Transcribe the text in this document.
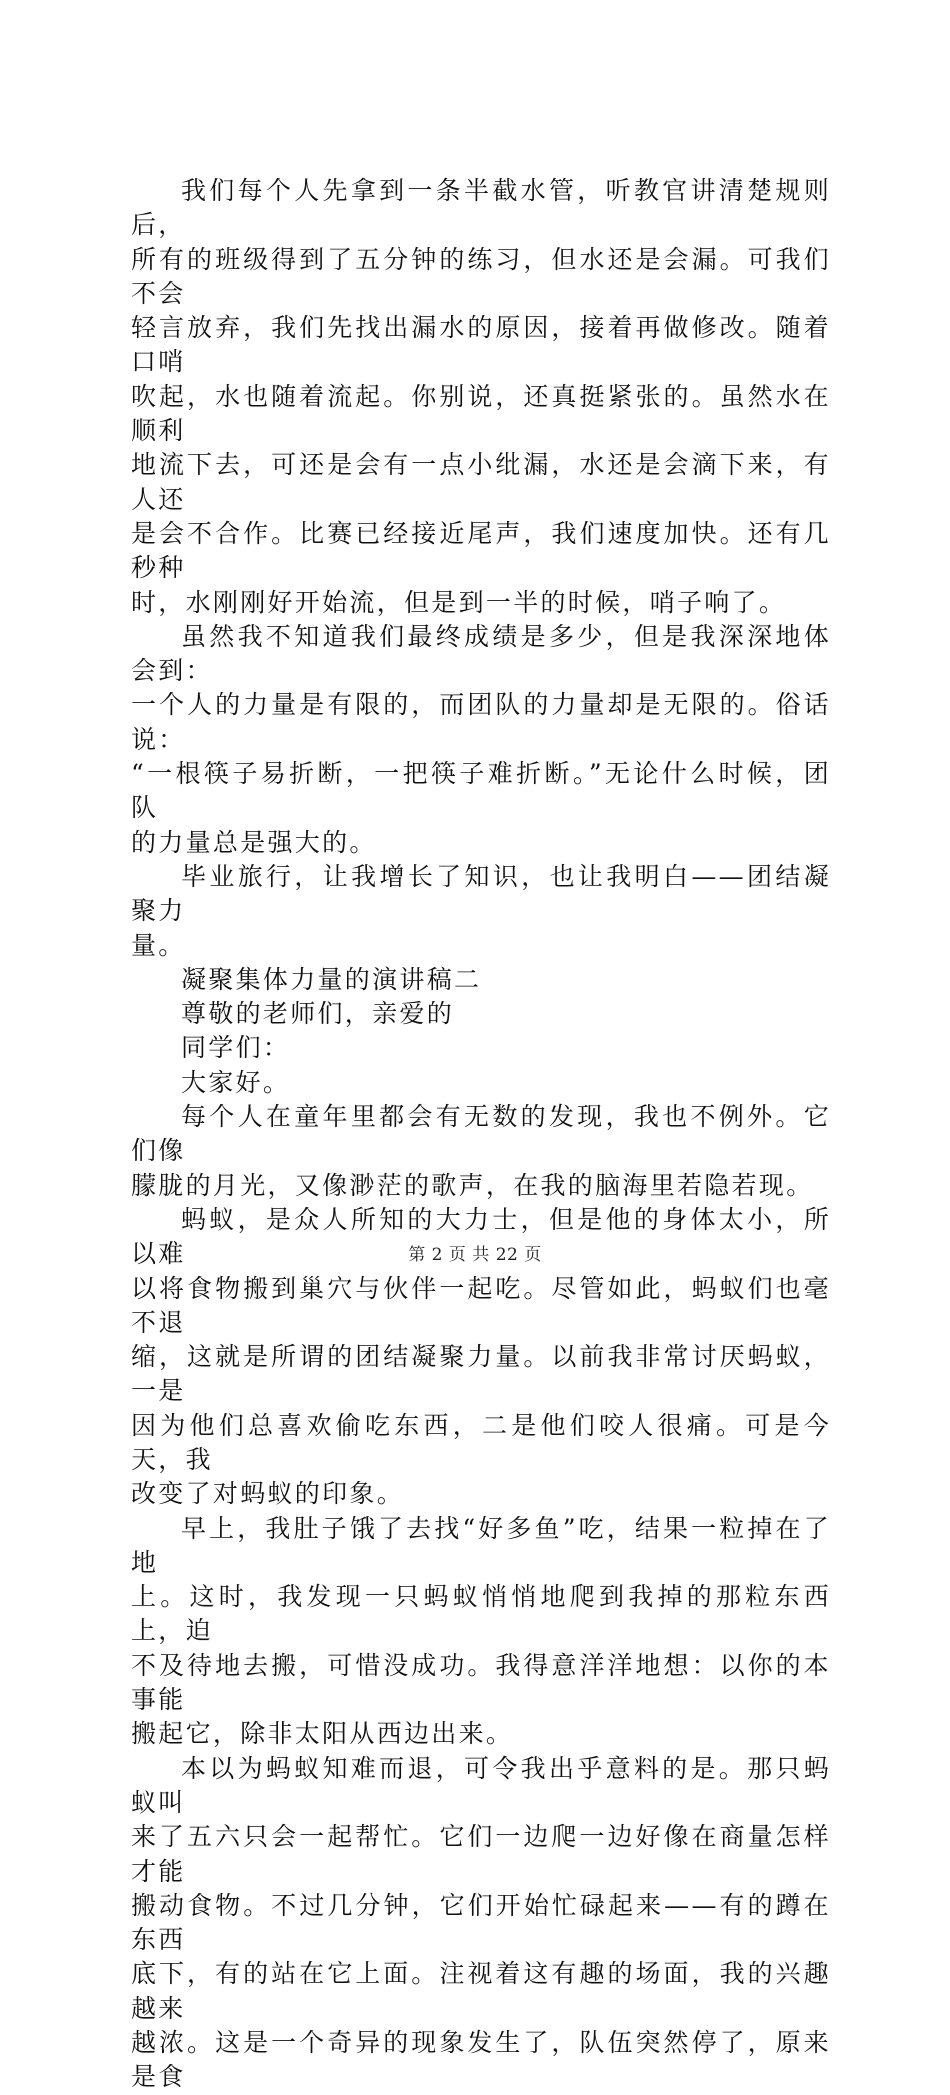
我们每个人先拿到一条半截水管，听教官讲清楚规则后，
所有的班级得到了五分钟的练习，但水还是会漏。可我们不会
轻言放弃，我们先找出漏水的原因，接着再做修改。随着口哨
吹起，水也随着流起。你别说，还真挺紧张的。虽然水在顺利
地流下去，可还是会有一点小纰漏，水还是会滴下来，有人还
是会不合作。比赛已经接近尾声，我们速度加快。还有几秒种
时，水刚刚好开始流，但是到一半的时候，哨子响了。

虽然我不知道我们最终成绩是多少，但是我深深地体会到：
一个人的力量是有限的，而团队的力量却是无限的。俗话说：
“一根筷子易折断，一把筷子难折断。”无论什么时候，团队
的力量总是强大的。

毕业旅行，让我增长了知识，也让我明白——团结凝聚力
量。

凝聚集体力量的演讲稿二

尊敬的老师们，亲爱的

同学们：

大家好。

每个人在童年里都会有无数的发现，我也不例外。它们像
朦胧的月光，又像渺茫的歌声，在我的脑海里若隐若现。

蚂蚁，是众人所知的大力士，但是他的身体太小，所以难
以将食物搬到巢穴与伙伴一起吃。尽管如此，蚂蚁们也毫不退
缩，这就是所谓的团结凝聚力量。以前我非常讨厌蚂蚁，一是
因为他们总喜欢偷吃东西，二是他们咬人很痛。可是今天，我
改变了对蚂蚁的印象。

早上，我肚子饿了去找“好多鱼”吃，结果一粒掉在了地
上。这时，我发现一只蚂蚁悄悄地爬到我掉的那粒东西上，迫
不及待地去搬，可惜没成功。我得意洋洋地想：以你的本事能
搬起它，除非太阳从西边出来。

本以为蚂蚁知难而退，可令我出乎意料的是。那只蚂蚁叫
来了五六只会一起帮忙。它们一边爬一边好像在商量怎样才能
搬动食物。不过几分钟，它们开始忙碌起来——有的蹲在东西
底下，有的站在它上面。注视着这有趣的场面，我的兴趣越来
越浓。这是一个奇异的现象发生了，队伍突然停了，原来是食

第 2 页 共 22 页
